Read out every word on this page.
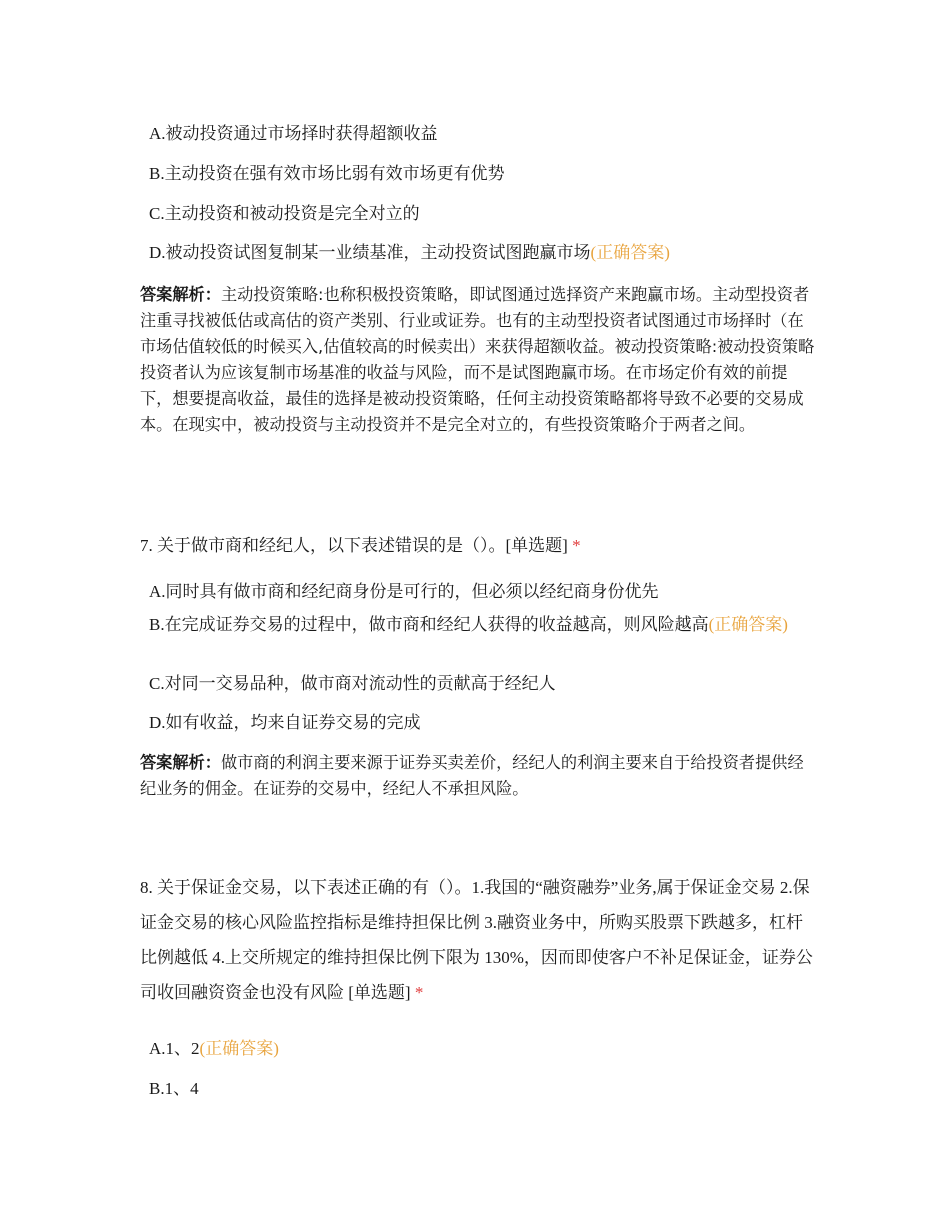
A.被动投资通过市场择时获得超额收益
B.主动投资在强有效市场比弱有效市场更有优势
C.主动投资和被动投资是完全对立的
D.被动投资试图复制某一业绩基准，主动投资试图跑赢市场(正确答案)
答案解析：主动投资策略:也称积极投资策略，即试图通过选择资产来跑赢市场。主动型投资者注重寻找被低估或高估的资产类别、行业或证券。也有的主动型投资者试图通过市场择时（在市场估值较低的时候买入,估值较高的时候卖出）来获得超额收益。被动投资策略:被动投资策略投资者认为应该复制市场基准的收益与风险，而不是试图跑赢市场。在市场定价有效的前提下，想要提高收益，最佳的选择是被动投资策略，任何主动投资策略都将导致不必要的交易成本。在现实中，被动投资与主动投资并不是完全对立的，有些投资策略介于两者之间。
7. 关于做市商和经纪人，以下表述错误的是（）。[单选题] *
A.同时具有做市商和经纪商身份是可行的，但必须以经纪商身份优先
B.在完成证券交易的过程中，做市商和经纪人获得的收益越高，则风险越高(正确答案)
C.对同一交易品种，做市商对流动性的贡献高于经纪人
D.如有收益，均来自证券交易的完成
答案解析：做市商的利润主要来源于证券买卖差价，经纪人的利润主要来自于给投资者提供经纪业务的佣金。在证券的交易中，经纪人不承担风险。
8. 关于保证金交易，以下表述正确的有（）。1.我国的“融资融券”业务,属于保证金交易 2.保证金交易的核心风险监控指标是维持担保比例 3.融资业务中，所购买股票下跌越多，杠杆比例越低 4.上交所规定的维持担保比例下限为 130%，因而即使客户不补足保证金，证券公司收回融资资金也没有风险 [单选题] *
A.1、2(正确答案)
B.1、4
